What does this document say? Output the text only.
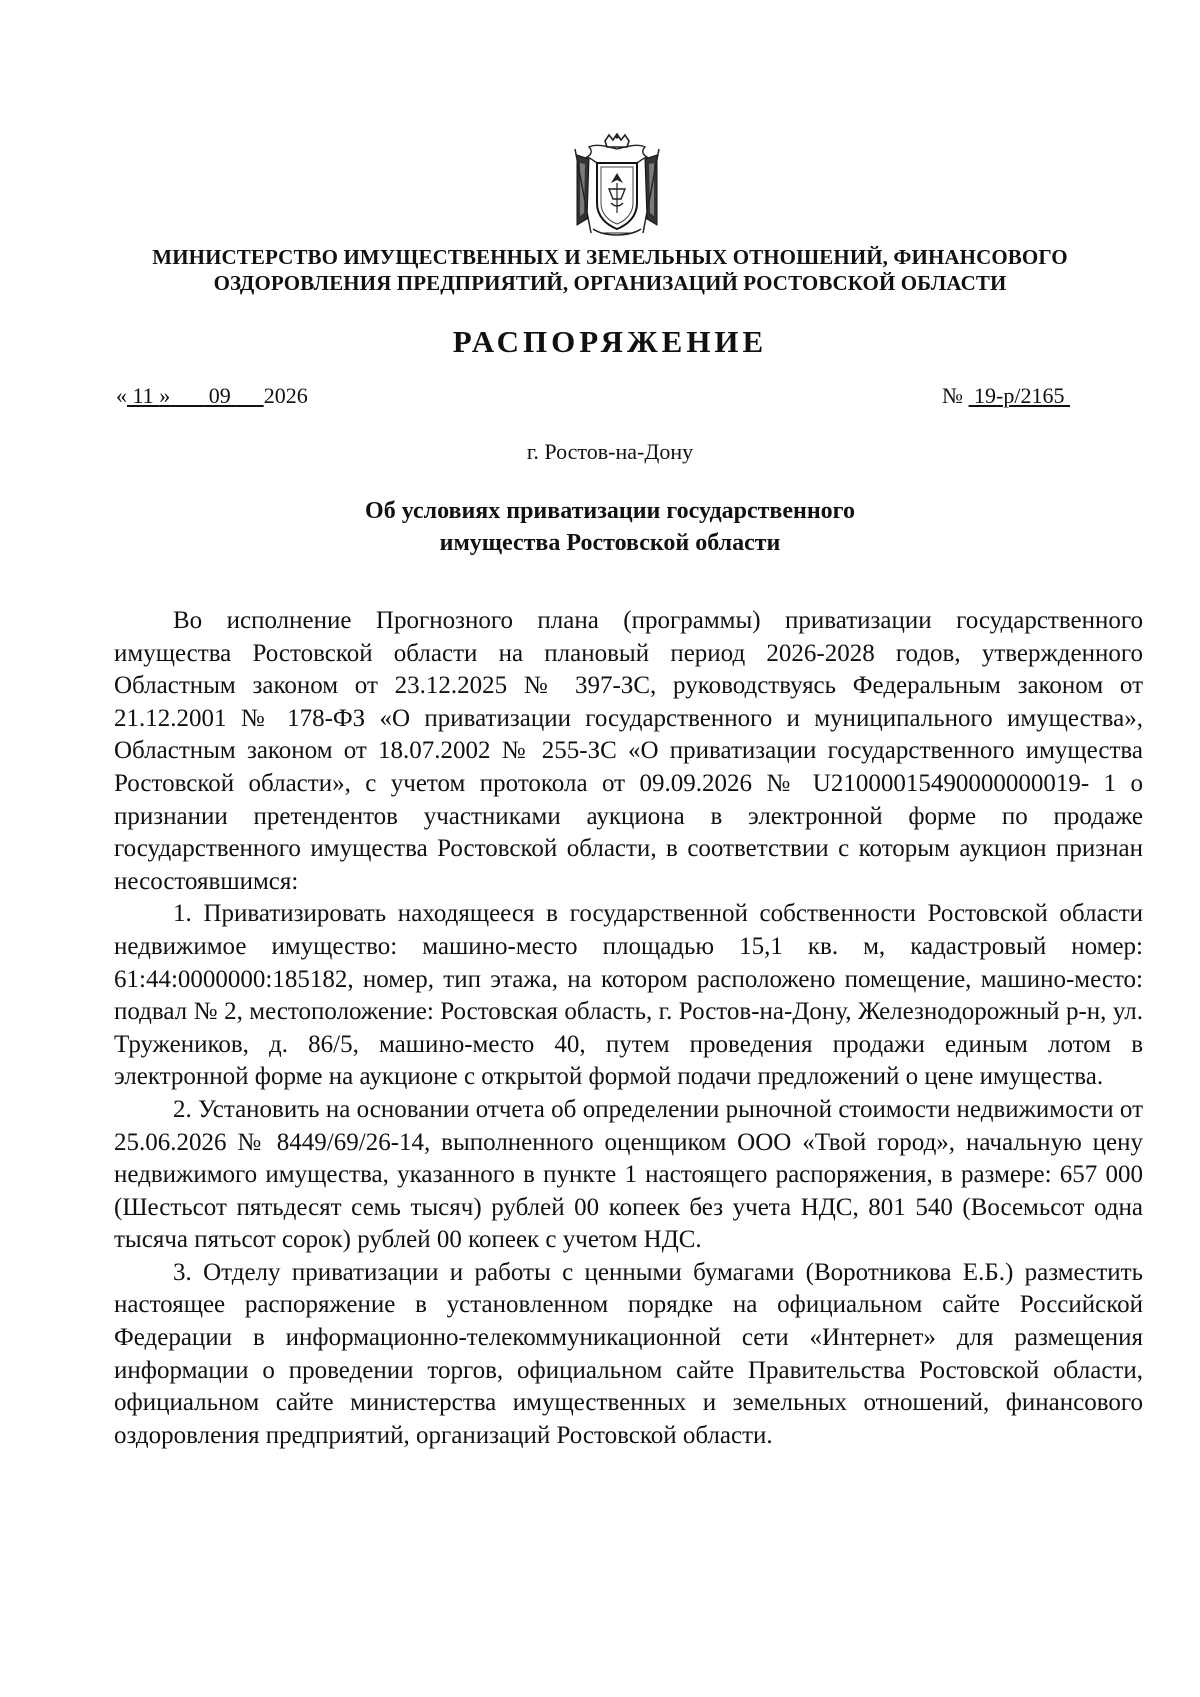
МИНИСТЕРСТВО ИМУЩЕСТВЕННЫХ И ЗЕМЕЛЬНЫХ ОТНОШЕНИЙ, ФИНАНСОВОГО
ОЗДОРОВЛЕНИЯ ПРЕДПРИЯТИЙ, ОРГАНИЗАЦИЙ РОСТОВСКОЙ ОБЛАСТИ
РАСПОРЯЖЕНИЕ
« 11 »       09      2026	№  19-р/2165
г. Ростов-на-Дону
Об условиях приватизации государственного
имущества Ростовской области

Во исполнение Прогнозного плана (программы) приватизации государственного имущества Ростовской области на плановый период 2026-2028 годов, утвержденного Областным законом от 23.12.2025 № 397-ЗС, руководствуясь Федеральным законом от 21.12.2001 № 178-ФЗ «О приватизации государственного и муниципального имущества», Областным законом от 18.07.2002 № 255-ЗС «О приватизации государственного имущества Ростовской области», с учетом протокола от 09.09.2026 № U21000015490000000019- 1 о признании претендентов участниками аукциона в электронной форме по продаже государственного имущества Ростовской области, в соответствии с которым аукцион признан несостоявшимся:

1. Приватизировать находящееся в государственной собственности Ростовской области недвижимое имущество: машино-место площадью 15,1 кв. м, кадастровый номер: 61:44:0000000:185182, номер, тип этажа, на котором расположено помещение, машино-место: подвал № 2, местоположение: Ростовская область, г. Ростов-на-Дону, Железнодорожный р-н, ул. Тружеников, д. 86/5, машино-место 40, путем проведения продажи единым лотом в электронной форме на аукционе с открытой формой подачи предложений о цене имущества.

2. Установить на основании отчета об определении рыночной стоимости недвижимости от 25.06.2026 № 8449/69/26-14, выполненного оценщиком ООО «Твой город», начальную цену недвижимого имущества, указанного в пункте 1 настоящего распоряжения, в размере: 657 000 (Шестьсот пятьдесят семь тысяч) рублей 00 копеек без учета НДС, 801 540 (Восемьсот одна тысяча пятьсот сорок) рублей 00 копеек с учетом НДС.

3. Отделу приватизации и работы с ценными бумагами (Воротникова Е.Б.) разместить настоящее распоряжение в установленном порядке на официальном сайте Российской Федерации в информационно-телекоммуникационной сети «Интернет» для размещения информации о проведении торгов, официальном сайте Правительства Ростовской области, официальном сайте министерства имущественных и земельных отношений, финансового оздоровления предприятий, организаций Ростовской области.
